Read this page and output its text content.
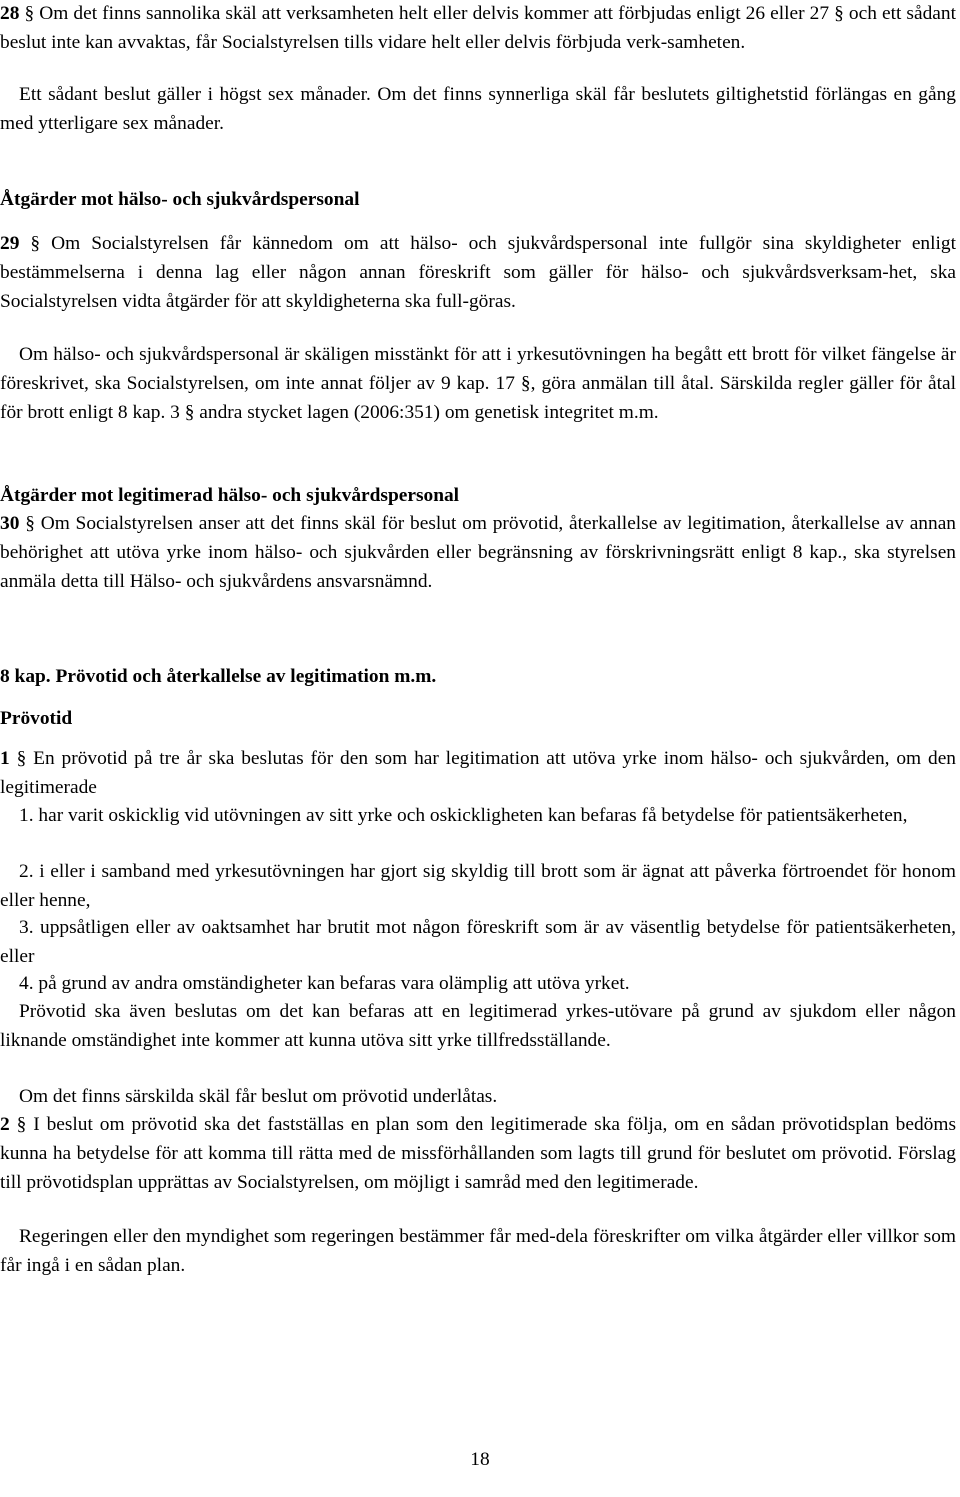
28 § Om det finns sannolika skäl att verksamheten helt eller delvis kommer att förbjudas enligt 26 eller 27 § och ett sådant beslut inte kan avvaktas, får Socialstyrelsen tills vidare helt eller delvis förbjuda verk-samheten.

Ett sådant beslut gäller i högst sex månader. Om det finns synnerliga skäl får beslutets giltighetstid förlängas en gång med ytterligare sex månader.

Åtgärder mot hälso- och sjukvårdspersonal

29 § Om Socialstyrelsen får kännedom om att hälso- och sjukvårdspersonal inte fullgör sina skyldigheter enligt bestämmelserna i denna lag eller någon annan föreskrift som gäller för hälso- och sjukvårdsverksam-het, ska Socialstyrelsen vidta åtgärder för att skyldigheterna ska full-göras.

Om hälso- och sjukvårdspersonal är skäligen misstänkt för att i yrkesutövningen ha begått ett brott för vilket fängelse är föreskrivet, ska Socialstyrelsen, om inte annat följer av 9 kap. 17 §, göra anmälan till åtal. Särskilda regler gäller för åtal för brott enligt 8 kap. 3 § andra stycket lagen (2006:351) om genetisk integritet m.m.

Åtgärder mot legitimerad hälso- och sjukvårdspersonal

30 § Om Socialstyrelsen anser att det finns skäl för beslut om prövotid, återkallelse av legitimation, återkallelse av annan behörighet att utöva yrke inom hälso- och sjukvården eller begränsning av förskrivningsrätt enligt 8 kap., ska styrelsen anmäla detta till Hälso- och sjukvårdens ansvarsnämnd.

8 kap. Prövotid och återkallelse av legitimation m.m.

Prövotid

1 § En prövotid på tre år ska beslutas för den som har legitimation att utöva yrke inom hälso- och sjukvården, om den legitimerade

1. har varit oskicklig vid utövningen av sitt yrke och oskickligheten kan befaras få betydelse för patientsäkerheten,

2. i eller i samband med yrkesutövningen har gjort sig skyldig till brott som är ägnat att påverka förtroendet för honom eller henne,

3. uppsåtligen eller av oaktsamhet har brutit mot någon föreskrift som är av väsentlig betydelse för patientsäkerheten, eller

4. på grund av andra omständigheter kan befaras vara olämplig att utöva yrket.

Prövotid ska även beslutas om det kan befaras att en legitimerad yrkes-utövare på grund av sjukdom eller någon liknande omständighet inte kommer att kunna utöva sitt yrke tillfredsställande.

Om det finns särskilda skäl får beslut om prövotid underlåtas.

2 § I beslut om prövotid ska det fastställas en plan som den legitimerade ska följa, om en sådan prövotidsplan bedöms kunna ha betydelse för att komma till rätta med de missförhållanden som lagts till grund för beslutet om prövotid. Förslag till prövotidsplan upprättas av Socialstyrelsen, om möjligt i samråd med den legitimerade.

Regeringen eller den myndighet som regeringen bestämmer får med-dela föreskrifter om vilka åtgärder eller villkor som får ingå i en sådan plan.

18
